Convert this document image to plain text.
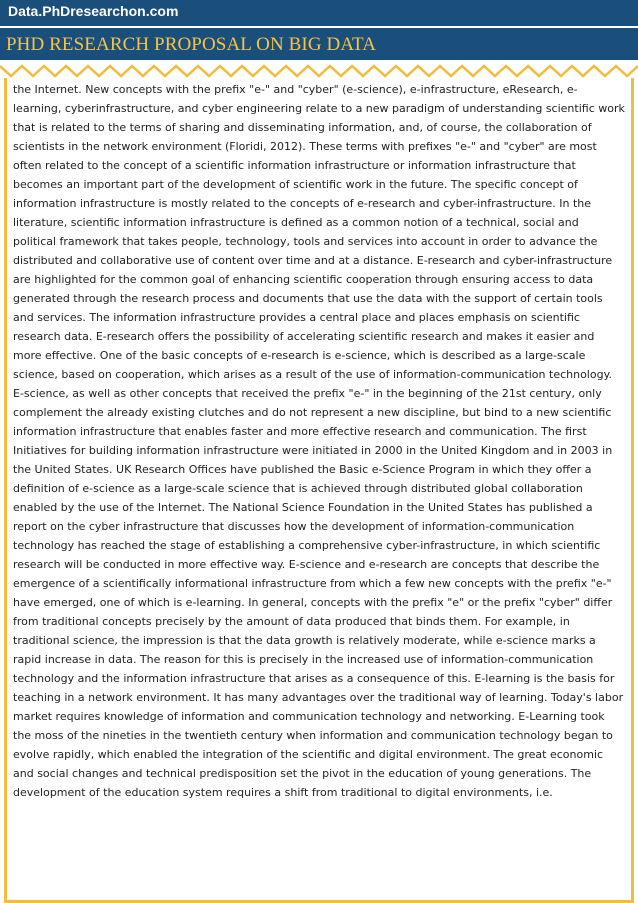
Data.PhDresearchon.com
PHD RESEARCH PROPOSAL ON BIG DATA

the Internet. New concepts with the prefix "e-" and "cyber" (e-science), e-infrastructure, eResearch, e-learning, cyberinfrastructure, and cyber engineering relate to a new paradigm of understanding scientific work that is related to the terms of sharing and disseminating information, and, of course, the collaboration of scientists in the network environment (Floridi, 2012). These terms with prefixes "e-" and "cyber" are most often related to the concept of a scientific information infrastructure or information infrastructure that becomes an important part of the development of scientific work in the future. The specific concept of information infrastructure is mostly related to the concepts of e-research and cyber-infrastructure. In the literature, scientific information infrastructure is defined as a common notion of a technical, social and political framework that takes people, technology, tools and services into account in order to advance the distributed and collaborative use of content over time and at a distance. E-research and cyber-infrastructure are highlighted for the common goal of enhancing scientific cooperation through ensuring access to data generated through the research process and documents that use the data with the support of certain tools and services. The information infrastructure provides a central place and places emphasis on scientific research data. E-research offers the possibility of accelerating scientific research and makes it easier and more effective. One of the basic concepts of e-research is e-science, which is described as a large-scale science, based on cooperation, which arises as a result of the use of information-communication technology. E-science, as well as other concepts that received the prefix "e-" in the beginning of the 21st century, only complement the already existing clutches and do not represent a new discipline, but bind to a new scientific information infrastructure that enables faster and more effective research and communication. The first Initiatives for building information infrastructure were initiated in 2000 in the United Kingdom and in 2003 in the United States. UK Research Offices have published the Basic e-Science Program in which they offer a definition of e-science as a large-scale science that is achieved through distributed global collaboration enabled by the use of the Internet. The National Science Foundation in the United States has published a report on the cyber infrastructure that discusses how the development of information-communication technology has reached the stage of establishing a comprehensive cyber-infrastructure, in which scientific research will be conducted in more effective way. E-science and e-research are concepts that describe the emergence of a scientifically informational infrastructure from which a few new concepts with the prefix "e-" have emerged, one of which is e-learning. In general, concepts with the prefix "e" or the prefix "cyber" differ from traditional concepts precisely by the amount of data produced that binds them. For example, in traditional science, the impression is that the data growth is relatively moderate, while e-science marks a rapid increase in data. The reason for this is precisely in the increased use of information-communication technology and the information infrastructure that arises as a consequence of this. E-learning is the basis for teaching in a network environment. It has many advantages over the traditional way of learning. Today's labor market requires knowledge of information and communication technology and networking. E-Learning took the moss of the nineties in the twentieth century when information and communication technology began to evolve rapidly, which enabled the integration of the scientific and digital environment. The great economic and social changes and technical predisposition set the pivot in the education of young generations. The development of the education system requires a shift from traditional to digital environments, i.e.
